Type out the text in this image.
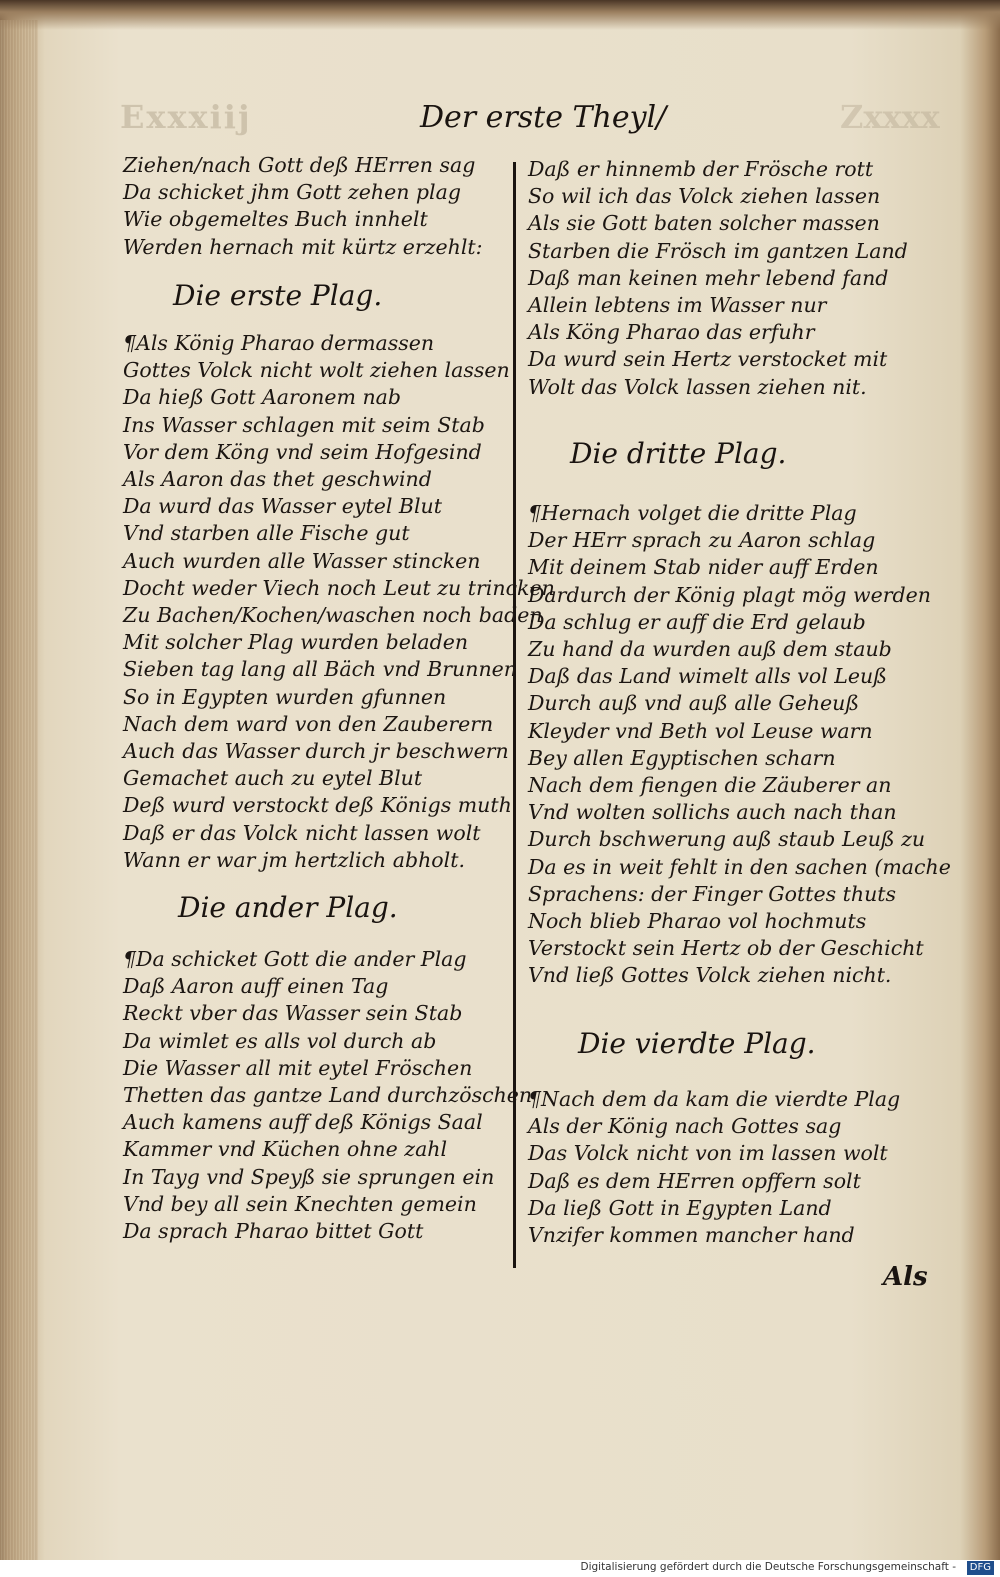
Exxxiij	Zxxxx
Der erste Theyl/
Ziehen/nach Gott deß HErren sag
Da schicket jhm Gott zehen plag
Wie obgemeltes Buch innhelt
Werden hernach mit kürtz erzehlt:
Die erste Plag.
¶Als König Pharao dermassen
Gottes Volck nicht wolt ziehen lassen
Da hieß Gott Aaronem nab
Ins Wasser schlagen mit seim Stab
Vor dem Köng vnd seim Hofgesind
Als Aaron das thet geschwind
Da wurd das Wasser eytel Blut
Vnd starben alle Fische gut
Auch wurden alle Wasser stincken
Docht weder Viech noch Leut zu trincken
Zu Bachen/Kochen/waschen noch baden
Mit solcher Plag wurden beladen
Sieben tag lang all Bäch vnd Brunnen
So in Egypten wurden gfunnen
Nach dem ward von den Zauberern
Auch das Wasser durch jr beschwern
Gemachet auch zu eytel Blut
Deß wurd verstockt deß Königs muth
Daß er das Volck nicht lassen wolt
Wann er war jm hertzlich abholt.
Die ander Plag.
¶Da schicket Gott die ander Plag
Daß Aaron auff einen Tag
Reckt vber das Wasser sein Stab
Da wimlet es alls vol durch ab
Die Wasser all mit eytel Fröschen
Thetten das gantze Land durchzöschen
Auch kamens auff deß Königs Saal
Kammer vnd Küchen ohne zahl
In Tayg vnd Speyß sie sprungen ein
Vnd bey all sein Knechten gemein
Da sprach Pharao bittet Gott
Daß er hinnemb der Frösche rott
So wil ich das Volck ziehen lassen
Als sie Gott baten solcher massen
Starben die Frösch im gantzen Land
Daß man keinen mehr lebend fand
Allein lebtens im Wasser nur
Als Köng Pharao das erfuhr
Da wurd sein Hertz verstocket mit
Wolt das Volck lassen ziehen nit.
Die dritte Plag.
¶Hernach volget die dritte Plag
Der HErr sprach zu Aaron schlag
Mit deinem Stab nider auff Erden
Dardurch der König plagt mög werden
Da schlug er auff die Erd gelaub
Zu hand da wurden auß dem staub
Daß das Land wimelt alls vol Leuß
Durch auß vnd auß alle Geheuß
Kleyder vnd Beth vol Leuse warn
Bey allen Egyptischen scharn
Nach dem fiengen die Zäuberer an
Vnd wolten sollichs auch nach than
Durch bschwerung auß staub Leuß zu
Da es in weit fehlt in den sachen (mache
Sprachens: der Finger Gottes thuts
Noch blieb Pharao vol hochmuts
Verstockt sein Hertz ob der Geschicht
Vnd ließ Gottes Volck ziehen nicht.
Die vierdte Plag.
¶Nach dem da kam die vierdte Plag
Als der König nach Gottes sag
Das Volck nicht von im lassen wolt
Daß es dem HErren opffern solt
Da ließ Gott in Egypten Land
Vnzifer kommen mancher hand
Als
Digitalisierung gefördert durch die Deutsche Forschungsgemeinschaft -	DFG
